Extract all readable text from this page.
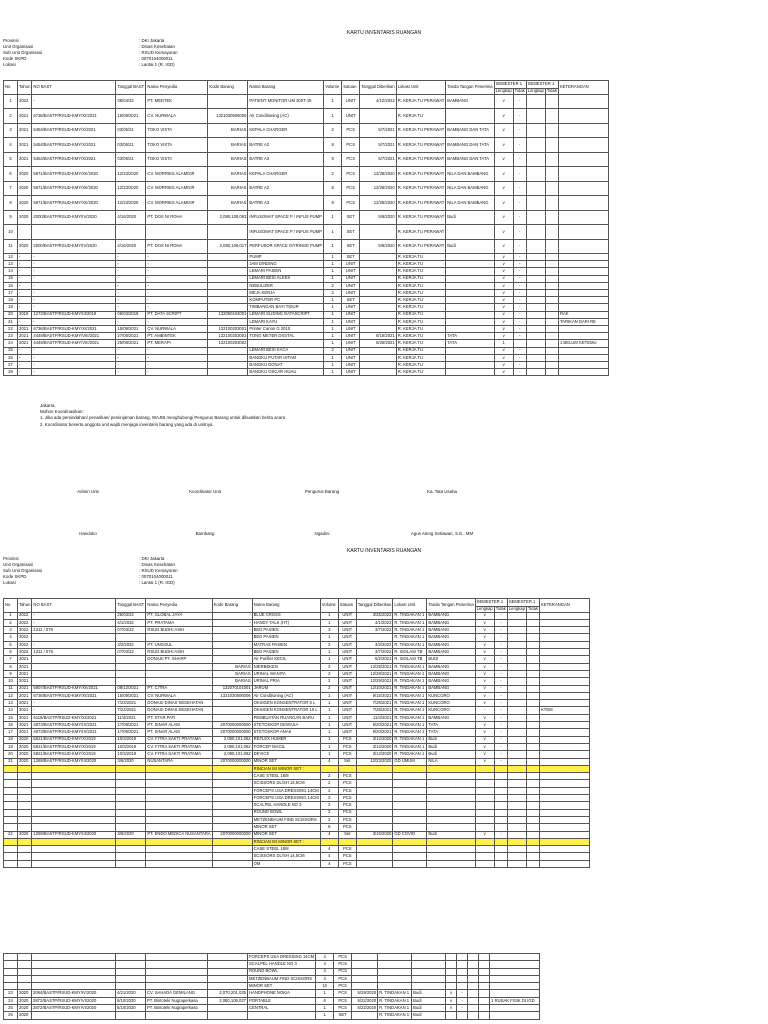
KARTU INVENTARIS RUANGAN
Provinsi	: DKI Jakarta
Unit Organisasi	: Dinas Kesehatan
Sub Unit Organisasi	: RSUD Kemayoran
Kode SKPD	: 0070104000011
Lokasi	: Lantai 1 (R. IGD)
No	Tahun	NO BAST	Tanggal BAST	Nama Penyedia	Kode Barang	Nama Barang	Volume	Satuan	Tanggal Diberikan	Lokasi Unit	Tanda Tangan Penerima	SEMESTER 1		SEMESTER 1		KETERANGAN
												Lengkap	Tidak	Lengkap	Tidak	
1	2022	-	08/04/22	PT. MEDTEK		PATIENT MONITOR UM 300T-15	1	UNIT	4/12/2022	R. KERJA TU PERAWAT	BAMBANG	v	-			
2	2021	6736/BASTP/RSUD-KMY/XI/2021	15/09/2021	CV. NURWALA	1321030506006	Air Conditioning (AC)	1	UNIT		R. KERJA TU		v	-			
3	2021	5454/BASTP/RSUD-KMY/X/2021	03/05/21	TOKO VISTA	BARIAS	KEPALA CHARGER	2	PCS	5/7/2021	R. KERJA TU PERAWAT	BAMBANG DAN TATA	v	-			
4	2021	5454/BASTP/RSUD-KMY/X/2021	03/05/21	TOKO VISTA	BARIAS	BATRE A2	8	PCS	5/7/2021	R. KERJA TU PERAWAT	BAMBANG DAN TATA	v	-			
5	2021	5454/BASTP/RSUD-KMY/X/2021	03/05/21	TOKO VISTA	BARIAS	BATRE A3	8	PCS	5/7/2021	R. KERJA TU PERAWAT	BAMBANG DAN TATA	v	-			
6	2020	5871/BASTP/RSUD-KMY/XII/2020	12/23/2020	CV. MORRIES ALAMGIR	BARIAS	KEPALA CHARGER	2	PCS	12/28/2020	R. KERJA TU PERAWAT	NILA DAN BAMBANG	v	-			
7	2020	5871/BASTP/RSUD-KMY/XII/2020	12/23/2020	CV. MORRIES ALAMGIR	BARIAS	BATRE A2	8	PCS	12/28/2020	R. KERJA TU PERAWAT	NILA DAN BAMBANG	v	-			
8	2020	5871/BASTP/RSUD-KMY/XII/2020	12/23/2020	CV. MORRIES ALAMGIR	BARIAS	BATRE A3	8	PCS	12/28/2020	R. KERJA TU PERAWAT	NILA DAN BAMBANG	v	-			
9	2020	2000/BASTP/RSUD-KMY/IV/2020	4/16/2020	PT. DOS NI ROHA	2,080,109,063	INFUSOMAT SPACE P / INFUS PUMP	1	SET	5/6/2020	R. KERJA TU PERAWAT	Budi	v	-			
10						INFUSOMAT SPACE P / INFUS PUMP	1	SET		R. KERJA TU PERAWAT		v	-			
11	2020	2000/BASTP/RSUD-KMY/IV/2020	4/16/2020	PT. DOS NI ROHA	2,080,108,017	PERFUSOR SPACE /SYRINGE PUMP	1	SET	5/8/2020	R. KERJA TU PERAWAT	Budi	v	-			
12	-	-	-	-		PUMP	1	SET		R. KERJA TU		v	-			
13	-	-	-	-		JAM DINDING	1	UNIT		R. KERJA TU		v	-			
14	-	-	-	-		LEMARI PASIEN	1	UNIT		R. KERJA TU		v	-			
15	-	-	-	-		LEMARI BESI ALKES	1	UNIT		R. KERJA TU		v	-			
16	-	-	-	-		NEBULIZER	2	UNIT		R. KERJA TU		v	-			
17	-	-	-	-		MEJA KERJA	2	UNIT		R. KERJA TU		v	-			
18	-	-	-	-		KOMPUTER PC	1	SET		R. KERJA TU		v	-			
19	-	-	-	-		TIMBANGAN BAYI TIDUR	1	UNIT		R. KERJA TU		v	-			
20	2019	1272/BASTP/RSUD-KMY/III/2019	06/03/2019	PT. DATA SCRIPT	132050104001	LEMARI SLIDING DATASCRIPT	1	UNIT		R. KERJA TU		v	-			RAK
21	-	-	-	-		LEMARI KAYU	1	UNIT		R. KERJA TU		v	-			TARIKAN DARI RE
22	2021	6736/BASTP/RSUD-KMY/XI/2021	15/09/2021	CV. NURWALA	132100203001	Printer Canon G 2010	1	UNIT		R. KERJA TU		v	-			
23	2021	4449/BASTP/RSUD-KMY/VIII/2021	27/08/2021	PT. AMBINTEK	132100203003	TONO METER DIGITAL	1	UNIT	8/16/2021	R. KERJA TU	TATA	v	-			
24	2021	4449/BASTP/RSUD-KMY/VIII/2021	25/08/2021	PT. MERAPI	132100203002		1	UNIT	8/25/2021	R. KERJA TU	TATA	1				1 BELUM KETEMU
25	-	-	-	-		LEMARI BESI KACA	2	UNIT		R. KERJA TU		v	-			
26	-	-	-	-		BANGKU PUTAR HITAM	1	UNIT		R. KERJA TU		v	-			
27	-	-	-	-		BANGKU DONAT	1	UNIT		R. KERJA TU		v	-			
28	-	-	-	-		BANGKU OSCAR HIJAU	1	UNIT		R. KERJA TU		v	-			
Jakarta,
Mohon Koordinasikan:
1. Jika ada pemindahan/ penarikan/ peminjaman barang, WAJIB menghubungi Pengurus Barang untuk dibuatkan berita acara
2. Koordinator beserta anggota unit wajib menjaga inventaris barang yang ada di unitnya.
Admin Unit
Handoko
Koordinator Unit
Bambang
Pengurus Barang
Ngadini
Ka. Tata Usaha
Agus Ateng Setiawan, S.E., MM
KARTU INVENTARIS RUANGAN
Provinsi	: DKI Jakarta
Unit Organisasi	: Dinas Kesehatan
Sub Unit Organisasi	: RSUD Kemayoran
Kode SKPD	: 0070104000011
Lokasi	: Lantai 1 (R. IGD)
No	Tahun	NO BAST	Tanggal BAST	Nama Penyedia	Kode Barang	Nama Barang	Volume	Satuan	Tanggal Diberikan	Lokasi Unit	Tanda Tangan Penerima	SEMESTER 1		SEMESTER 1		KETERANGAN
												Lengkap	Tidak	Lengkap	Tidak	
1	2022	-	25/03/22	PT. GLOBAL JAYA	-	BLUE CROSS	1	UNIT	3/25/2022	R. TINDAKAN 1	BAMBANG	v	-			
2	2022	-	4/1/2022	PT. PRATAMA	-	HANDY TALK (HT)	1	UNIT	4/1/2022	R. TINDAKAN 1	BAMBANG	v	-			
3	2022	1311 / 076	07/03/22	RSUD BUDHI ASIH	-	BED PASIEN	3	UNIT	3/7/2022	R. TINDAKAN 1	BAMBANG	v	-			
4	2022					BED PASIEN	1	UNIT		R. TINDAKAN 1	BAMBANG	v	-			
5	2022	-	3/2/2022	PT. UNGGUL	-	MATRAS PASIEN	2	UNIT	3/2/2022	R. TINDAKAN 1	BAMBANG	v	-			
6	2022	1311 / 076	07/03/22	RSUD BUDHI ASIH	-	BED PASIEN	1	UNIT	3/7/2022	R. ISOLASI TB	BAMBANG	v	-			
7	2021			DONASI PT. SHARP		Air Purifier KECIL	1	UNIT	5/2/2021	R. ISOLASI TB	BUDI	v	-			
8	2021				BARIAS	NIERBEKEN	2	UNIT	12/29/2021	R. TINDAKAN 1	BAMBANG	v	-			
9	2021				BARIAS	URINAL WANITA	2	UNIT	12/29/2021	R. TINDAKAN 1	BAMBANG	v	-			
10	2021				BARIAS	URINAL PRIA	2	UNIT	12/29/2021	R. TINDAKAN 1	BAMBANG	v	-			
11	2021	5807/BASTP/RSUD-KMY/XII/2021	08/12/2021	PT. CITRA	132070101001	JARUM	2	UNIT	12/10/2021	R. TINDAKAN 1	BAMBANG	v	-			
12	2021	6736/BASTP/RSUD-KMY/XI/2021	15/09/2021	CV. NURWALA	1321030506006	Air Conditioning (AC)	1	UNIT	9/15/2021	R. TINDAKAN 1	KUNCORO	v	-			
13	2021	-	7/23/2021	DONASI DINAS KESEHATAN		OKSIGEN KONSENTRATOR 5 L	1	UNIT	7/28/2021	R. TINDAKAN 1	KUNCORO	v	-			
14	2021	-	7/23/2021	DONASI DINAS KESEHATAN		OKSIGEN KONSENTRATOR 10 L	1	UNIT	7/28/2021	R. TINDAKAN 1	KUNCORO	-	-			KTEM
15	2021	6116/BASTP/RSUD-KMY/XI/2021	11/4/2021	PT. STAR PATI		PEMBUATAN RUANGAN BARU	1	UNIT	11/4/2021	R. TINDAKAN 1	BAMBANG	v	-			
16	2021	4873/BASTP/RSUD-KMY/IX/2021	17/09/2021	PT. SINAR ALAM	2070000000000	STETOSKOP DEWASA	1	UNIT	9/20/2021	R. TINDAKAN 1	TATA	v	-			
17	2021	4873/BASTP/RSUD-KMY/IX/2021	17/09/2021	PT. SINAR ALAM	2070000000000	STETOSKOP ANAK	1	UNIT	9/20/2021	R. TINDAKAN 1	TATA	v	-			
18	2020	5821/BASTP/RSUD-KMY/X/2019	10/3/2019	CV. FITRA SAKTI PRATAMA	2,080,101,062	REFLEX HUMER	1	PCS	3/12/2020	R. TINDAKAN 1	Budi	v	-			
19	2020	5821/BASTP/RSUD-KMY/X/2019	10/3/2019	CV. FITRA SAKTI PRATAMA	2,080,101,062	FORCEP MAGIL	1	PCS	3/12/2020	R. TINDAKAN 1	Budi	v	-			
20	2020	5821/BASTP/RSUD-KMY/X/2019	10/3/2019	CV. FITRA SAKTI PRATAMA	2,080,101,062	DEVICE	1	PCS	3/12/2020	R. TINDAKAN 1	Budi	v	-			
21	2020	1269/BASTP/RSUD-KMY/III/2020	3/6/2020	NUSANTARA	2070000000000	MINOR SET	4	Set	12/23/2020	GD UMUM	NILA	v	-			
						RINCIAN ISI MINOR SET :										
						CASE STEEL 18/8	2	PCS								
						SCISSORS DL/SH 14,5CM	2	PCS								
						FORCEPS USA DRESSING 14CM	2	PCS								
						FORCEPS USA DRESSING 14CM	2	PCS								
						SCALPEL HANDLE NO 3	2	PCS								
						ROUND BOWL	2	PCS								
						METZENBAUM FIND SCISSORS	2	PCS								
						MINOR SET	8	PCS								
22	2020	1269/BASTP/RSUD-KMY/III/2020	3/6/2020	PT. ENDO MEDICA NUSANTARA	2070000000000	MINOR SET	4	Set	3/16/2020	GD COVID	Budi	v	-			
						RINCIAN ISI MINOR SET :										
						CASE STEEL 18/8	4	PCS								
						SCISSORS DL/SH 14,5CM	4	PCS								
						OM	4	PCS								
						FORCEPS USA DRESSING 14CM	4	PCS								
						SCALPEL HANDLE NO 3	4	PCS								
						ROUND BOWL	4	PCS								
						METZENBAUM FIND SCISSORS	4	PCS								
						MINOR SET	16	PCS								
23	2020	2064/BASTP/RSUD-KMY/IV/2020	4/21/2020	CV. SAHADA GEMILANG	2,070,201,025	HANDPHONE NOKIA	1	PCS	5/29/2020	R. TINDAKAN 1	Budi	v	-			
24	2020	2872/BASTP/RSUD-KMY/VI/2020	6/10/2020	PT. Bintoteki Nugraperkasa	2,080,109,027	PORTABLE	6	PCS	5/22/2020	R. TINDAKAN 1	Budi	v	-			1 RUSAK FISIK DI IGD
25	2020	2872/BASTP/RSUD-KMY/VI/2020	6/10/2020	PT. Bintoteki Nugraperkasa		CENTRAL	1	PCS	5/22/2020	R. TINDAKAN 1	Budi	v	-			
26	2020						1	SET		R. TINDAKAN 1	Budi					
